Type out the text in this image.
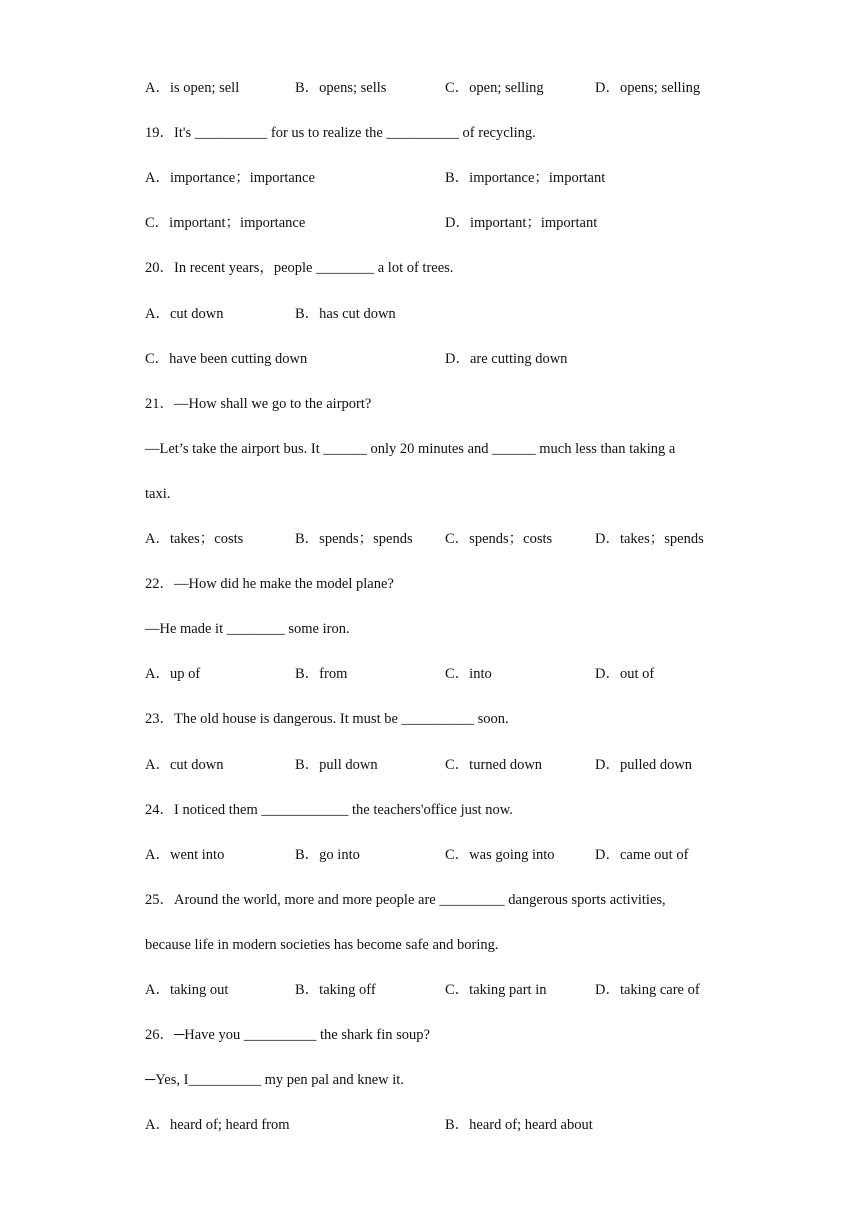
A．is open; sell	B．opens; sells	C．open; selling	D．opens; selling
19．It's __________ for us to realize the __________ of recycling.
A．importance；importance	B．importance；important
C．important；importance	D．important；important
20．In recent years，people ________ a lot of trees.
A．cut down	B．has cut down
C．have been cutting down	D．are cutting down
21．—How shall we go to the airport?
—Let’s take the airport bus. It ______ only 20 minutes and ______ much less than taking a
taxi.
A．takes；costs	B．spends；spends C．spends；costs	D．takes；spends
22．—How did he make the model plane?
—He made it ________ some iron.
A．up of	B．from	C．into	D．out of
23．The old house is dangerous. It must be __________ soon.
A．cut down	B．pull down	C．turned down	D．pulled down
24．I noticed them ____________ the teachers'office just now.
A．went into	B．go into	C．was going into	D．came out of
25．Around the world, more and more people are _________ dangerous sports activities,
because life in modern societies has become safe and boring.
A．taking out	B．taking off	C．taking part in	D．taking care of
26．─Have you __________ the shark fin soup?
─Yes, I__________ my pen pal and knew it.
A．heard of; heard from	B．heard of; heard about
